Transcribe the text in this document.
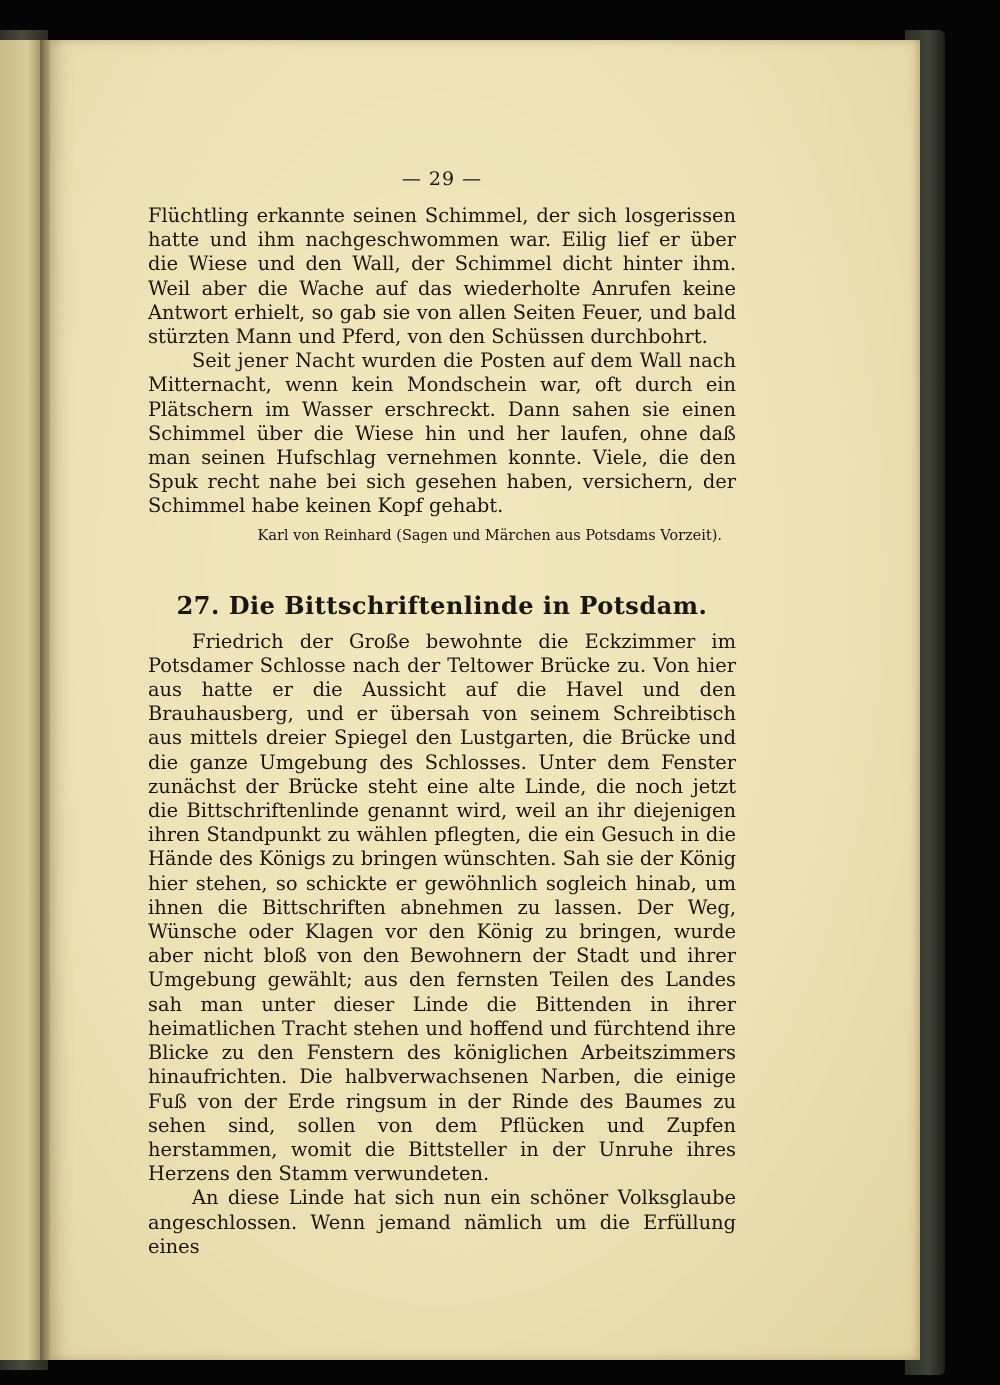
— 29 —

Flüchtling erkannte seinen Schimmel, der sich losgerissen hatte und ihm nachgeschwommen war. Eilig lief er über die Wiese und den Wall, der Schimmel dicht hinter ihm. Weil aber die Wache auf das wiederholte Anrufen keine Antwort erhielt, so gab sie von allen Seiten Feuer, und bald stürzten Mann und Pferd, von den Schüssen durchbohrt.

Seit jener Nacht wurden die Posten auf dem Wall nach Mitternacht, wenn kein Mondschein war, oft durch ein Plätschern im Wasser erschreckt. Dann sahen sie einen Schimmel über die Wiese hin und her laufen, ohne daß man seinen Hufschlag vernehmen konnte. Viele, die den Spuk recht nahe bei sich gesehen haben, versichern, der Schimmel habe keinen Kopf gehabt.

Karl von Reinhard (Sagen und Märchen aus Potsdams Vorzeit).

27. Die Bittschriftenlinde in Potsdam.

Friedrich der Große bewohnte die Eckzimmer im Potsdamer Schlosse nach der Teltower Brücke zu. Von hier aus hatte er die Aussicht auf die Havel und den Brauhausberg, und er übersah von seinem Schreibtisch aus mittels dreier Spiegel den Lustgarten, die Brücke und die ganze Umgebung des Schlosses. Unter dem Fenster zunächst der Brücke steht eine alte Linde, die noch jetzt die Bittschriftenlinde genannt wird, weil an ihr diejenigen ihren Standpunkt zu wählen pflegten, die ein Gesuch in die Hände des Königs zu bringen wünschten. Sah sie der König hier stehen, so schickte er gewöhnlich sogleich hinab, um ihnen die Bittschriften abnehmen zu lassen. Der Weg, Wünsche oder Klagen vor den König zu bringen, wurde aber nicht bloß von den Bewohnern der Stadt und ihrer Umgebung gewählt; aus den fernsten Teilen des Landes sah man unter dieser Linde die Bittenden in ihrer heimatlichen Tracht stehen und hoffend und fürchtend ihre Blicke zu den Fenstern des königlichen Arbeitszimmers hinaufrichten. Die halbverwachsenen Narben, die einige Fuß von der Erde ringsum in der Rinde des Baumes zu sehen sind, sollen von dem Pflücken und Zupfen herstammen, womit die Bittsteller in der Unruhe ihres Herzens den Stamm verwundeten.

An diese Linde hat sich nun ein schöner Volksglaube angeschlossen. Wenn jemand nämlich um die Erfüllung eines
